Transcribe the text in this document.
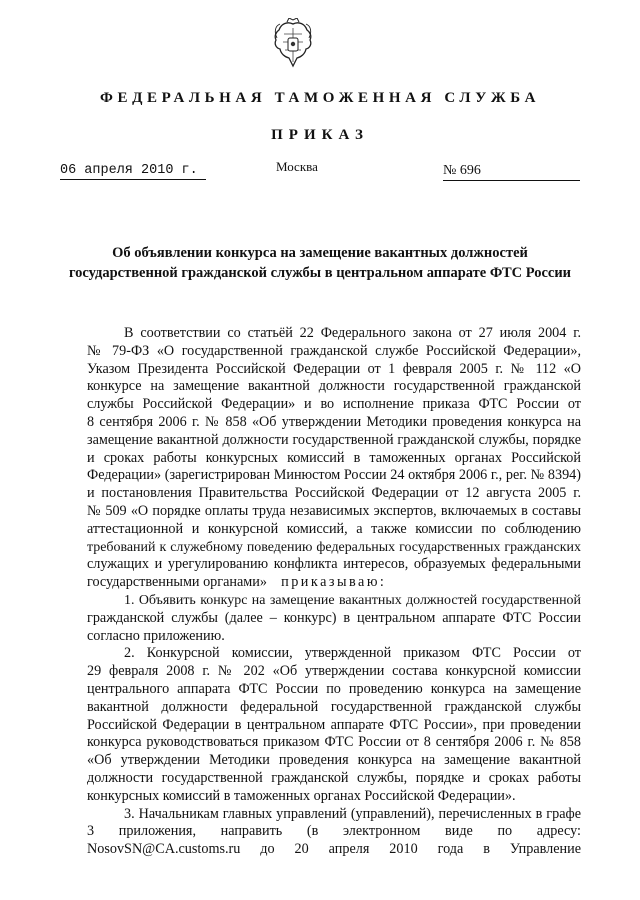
ФЕДЕРАЛЬНАЯ ТАМОЖЕННАЯ СЛУЖБА
ПРИКАЗ
06 апреля 2010 г.	Москва	№ 696
Об объявлении конкурса на замещение вакантных должностей
государственной гражданской службы в центральном аппарате ФТС России
В соответствии со статьёй 22 Федерального закона от 27 июля 2004 г.
№ 79-ФЗ «О государственной гражданской службе Российской Федерации»,
Указом Президента Российской Федерации от 1 февраля 2005 г. № 112 «О
конкурсе на замещение вакантной должности государственной гражданской
службы Российской Федерации» и во исполнение приказа ФТС России от
8 сентября 2006 г. № 858 «Об утверждении Методики проведения конкурса на
замещение вакантной должности государственной гражданской службы, порядке
и сроках работы конкурсных комиссий в таможенных органах Российской
Федерации» (зарегистрирован Минюстом России 24 октября 2006 г., рег. № 8394)
и постановления Правительства Российской Федерации от 12 августа 2005 г.
№ 509 «О порядке оплаты труда независимых экспертов, включаемых в составы
аттестационной и конкурсной комиссий, а также комиссии по соблюдению
требований к служебному поведению федеральных государственных гражданских
служащих и урегулированию конфликта интересов, образуемых федеральными
государственными органами» приказываю:
1. Объявить конкурс на замещение вакантных должностей государственной
гражданской службы (далее – конкурс) в центральном аппарате ФТС России
согласно приложению.
2. Конкурсной комиссии, утвержденной приказом ФТС России от
29 февраля 2008 г. № 202 «Об утверждении состава конкурсной комиссии
центрального аппарата ФТС России по проведению конкурса на замещение
вакантной должности федеральной государственной гражданской службы
Российской Федерации в центральном аппарате ФТС России», при проведении
конкурса руководствоваться приказом ФТС России от 8 сентября 2006 г. № 858
«Об утверждении Методики проведения конкурса на замещение вакантной
должности государственной гражданской службы, порядке и сроках работы
конкурсных комиссий в таможенных органах Российской Федерации».
3. Начальникам главных управлений (управлений), перечисленных в графе
3 приложения, направить (в электронном виде по адресу:
NosovSN@CA.customs.ru до 20 апреля 2010 года в Управление
